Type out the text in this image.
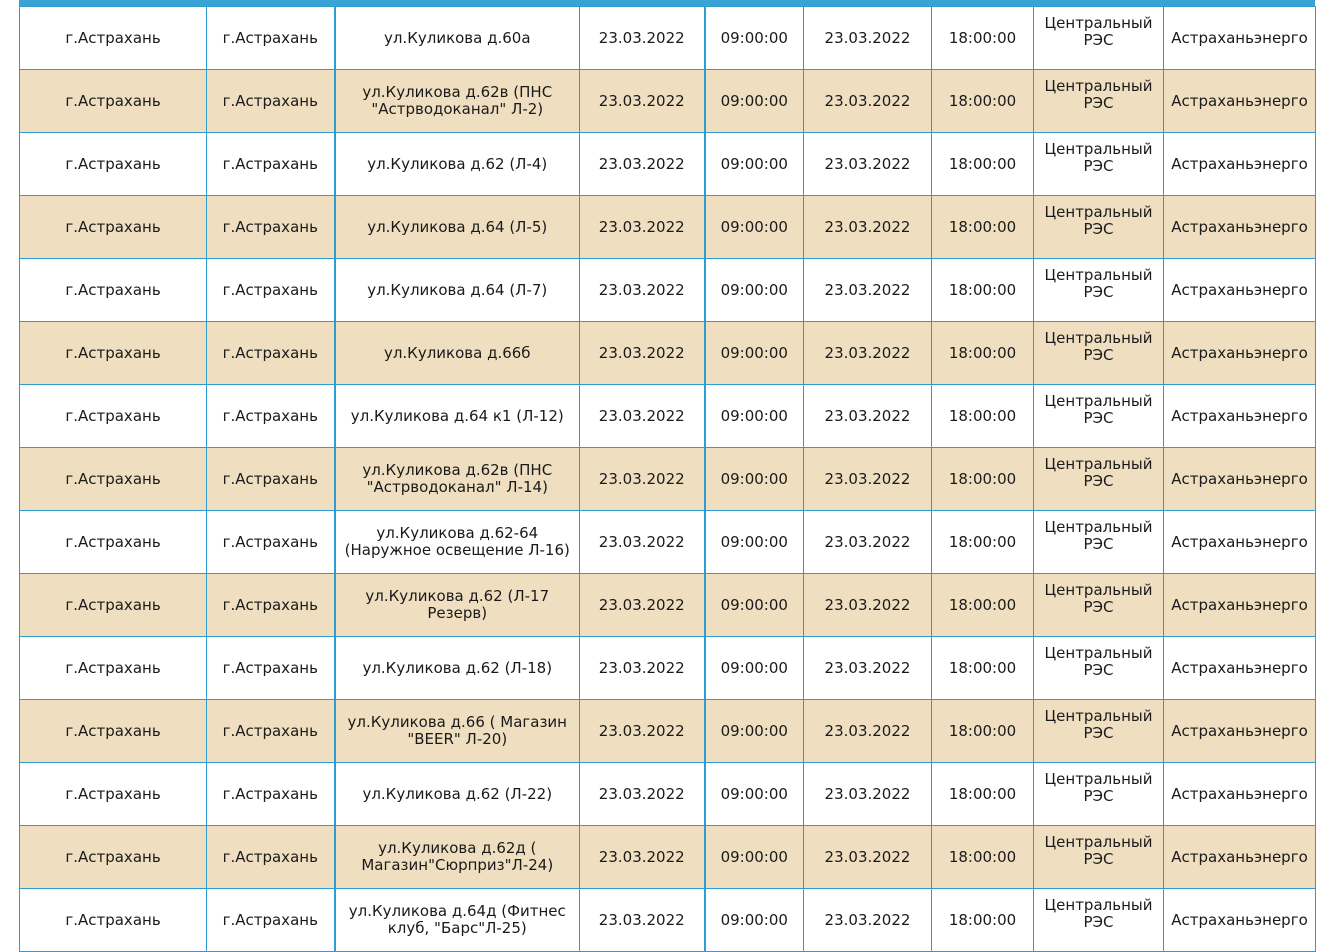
г.Астрахань	г.Астрахань	ул.Куликова д.60а	23.03.2022	09:00:00	23.03.2022	18:00:00	Центральный РЭС	Астраханьэнерго
г.Астрахань	г.Астрахань	ул.Куликова д.62в (ПНС "Астрводоканал" Л-2)	23.03.2022	09:00:00	23.03.2022	18:00:00	Центральный РЭС	Астраханьэнерго
г.Астрахань	г.Астрахань	ул.Куликова д.62 (Л-4)	23.03.2022	09:00:00	23.03.2022	18:00:00	Центральный РЭС	Астраханьэнерго
г.Астрахань	г.Астрахань	ул.Куликова д.64 (Л-5)	23.03.2022	09:00:00	23.03.2022	18:00:00	Центральный РЭС	Астраханьэнерго
г.Астрахань	г.Астрахань	ул.Куликова д.64 (Л-7)	23.03.2022	09:00:00	23.03.2022	18:00:00	Центральный РЭС	Астраханьэнерго
г.Астрахань	г.Астрахань	ул.Куликова д.66б	23.03.2022	09:00:00	23.03.2022	18:00:00	Центральный РЭС	Астраханьэнерго
г.Астрахань	г.Астрахань	ул.Куликова д.64 к1 (Л-12)	23.03.2022	09:00:00	23.03.2022	18:00:00	Центральный РЭС	Астраханьэнерго
г.Астрахань	г.Астрахань	ул.Куликова д.62в (ПНС "Астрводоканал" Л-14)	23.03.2022	09:00:00	23.03.2022	18:00:00	Центральный РЭС	Астраханьэнерго
г.Астрахань	г.Астрахань	ул.Куликова д.62-64 (Наружное освещение Л-16)	23.03.2022	09:00:00	23.03.2022	18:00:00	Центральный РЭС	Астраханьэнерго
г.Астрахань	г.Астрахань	ул.Куликова д.62 (Л-17 Резерв)	23.03.2022	09:00:00	23.03.2022	18:00:00	Центральный РЭС	Астраханьэнерго
г.Астрахань	г.Астрахань	ул.Куликова д.62 (Л-18)	23.03.2022	09:00:00	23.03.2022	18:00:00	Центральный РЭС	Астраханьэнерго
г.Астрахань	г.Астрахань	ул.Куликова д.66 ( Магазин "BEER" Л-20)	23.03.2022	09:00:00	23.03.2022	18:00:00	Центральный РЭС	Астраханьэнерго
г.Астрахань	г.Астрахань	ул.Куликова д.62 (Л-22)	23.03.2022	09:00:00	23.03.2022	18:00:00	Центральный РЭС	Астраханьэнерго
г.Астрахань	г.Астрахань	ул.Куликова д.62д ( Магазин"Сюрприз"Л-24)	23.03.2022	09:00:00	23.03.2022	18:00:00	Центральный РЭС	Астраханьэнерго
г.Астрахань	г.Астрахань	ул.Куликова д.64д (Фитнес клуб, "Барс"Л-25)	23.03.2022	09:00:00	23.03.2022	18:00:00	Центральный РЭС	Астраханьэнерго
